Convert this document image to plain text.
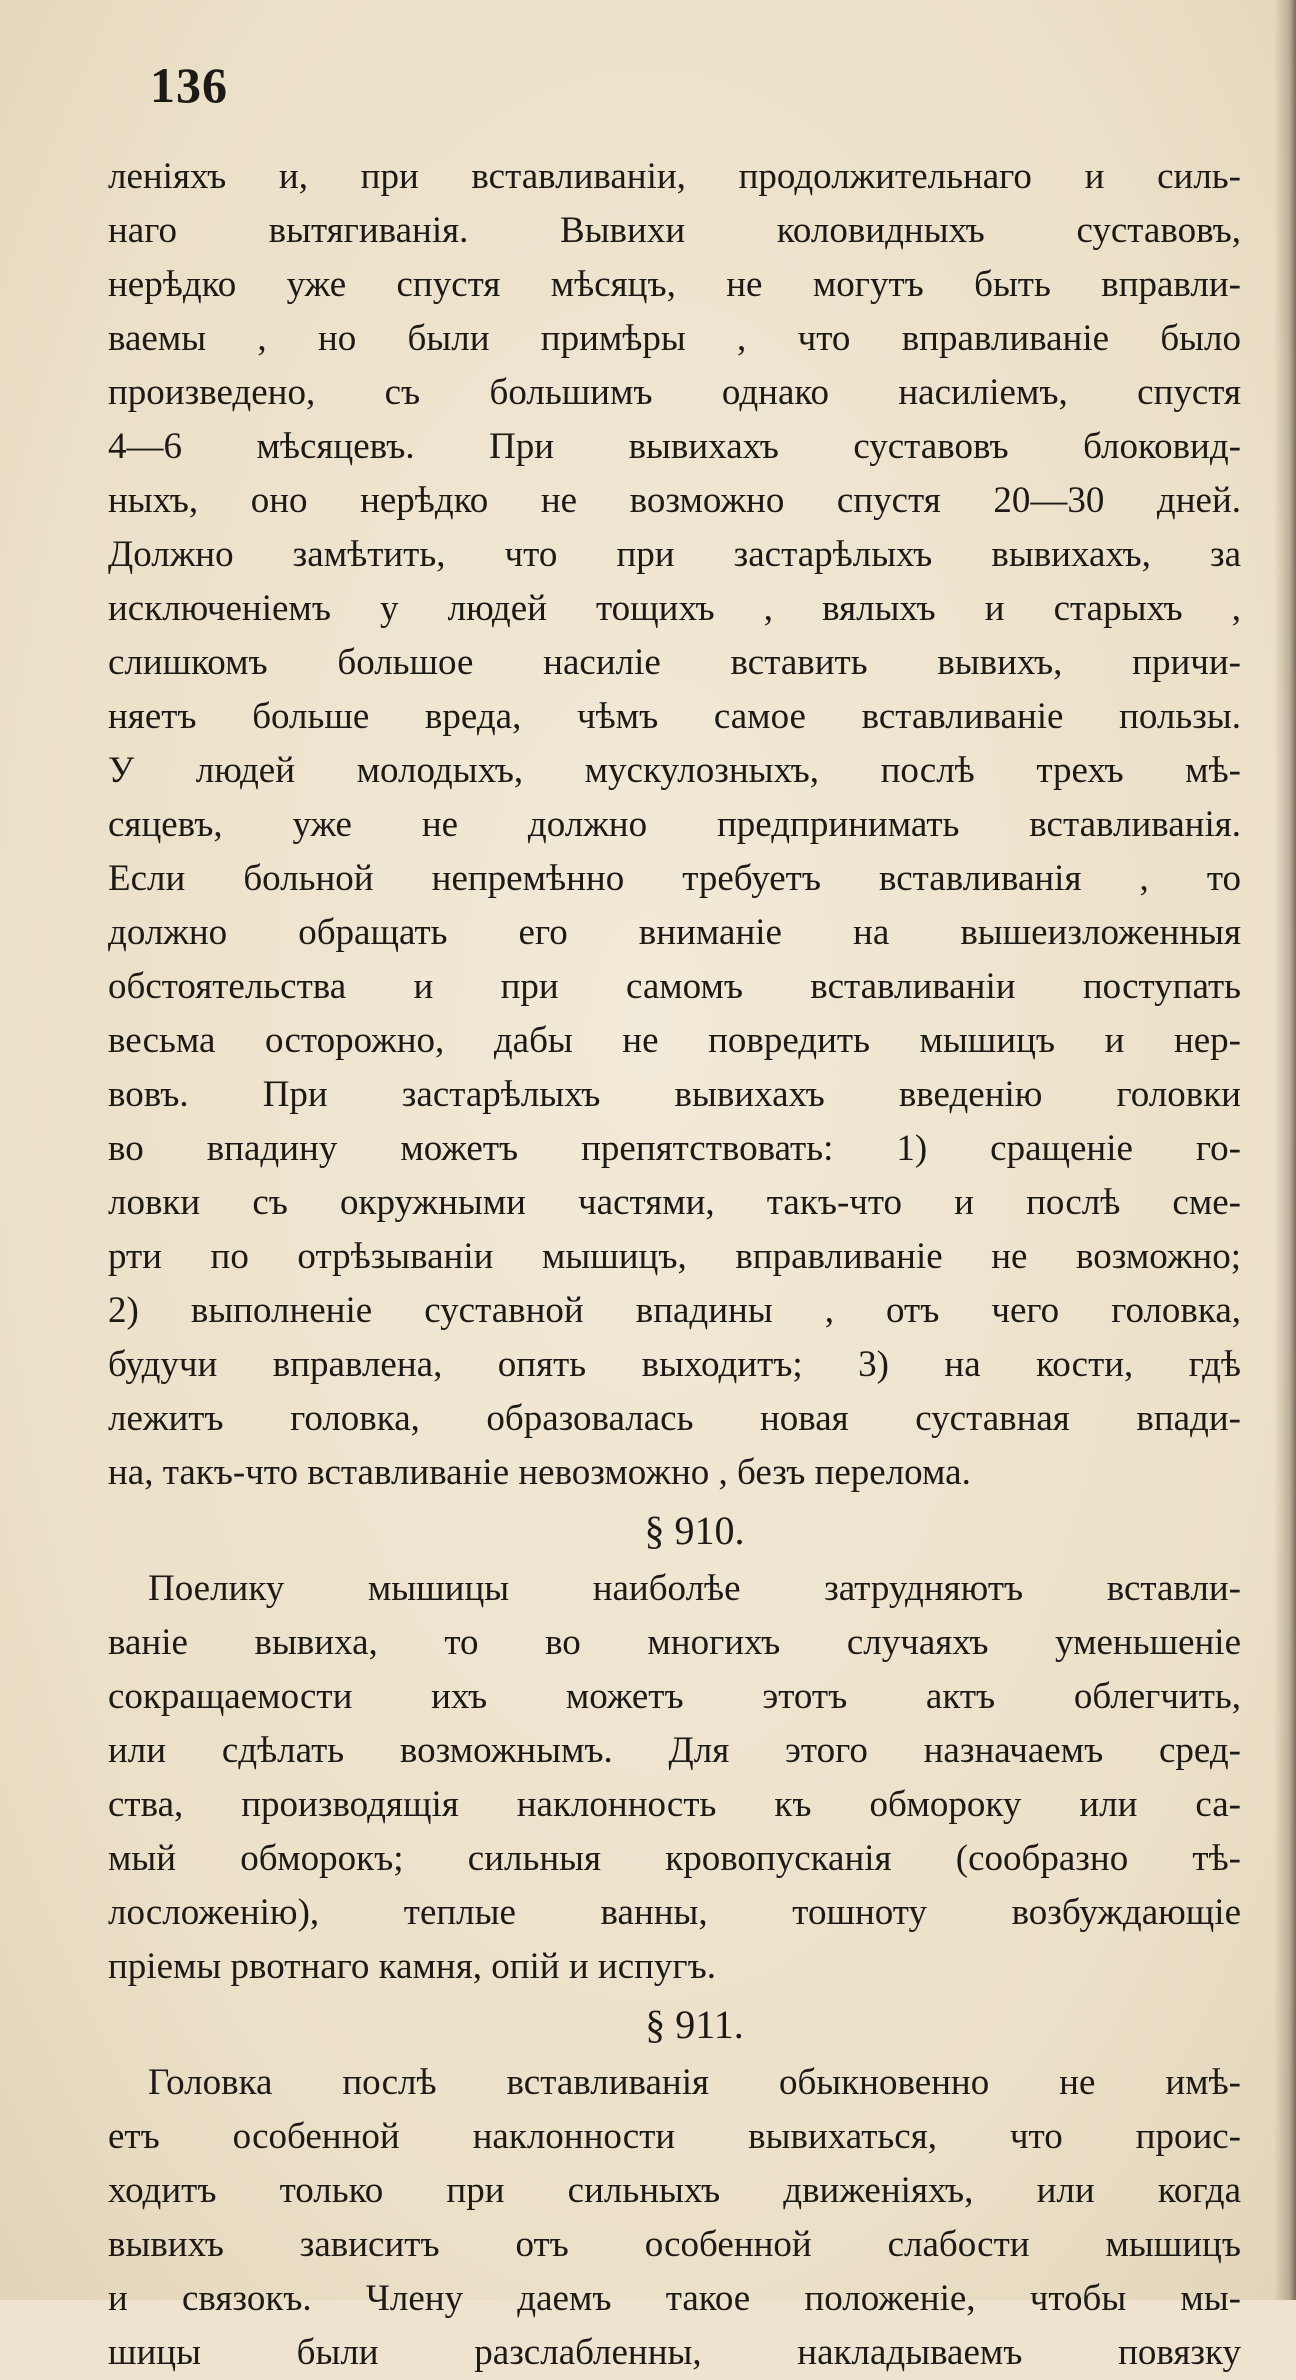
136
леніяхъ и, при вставливаніи, продолжительнаго и силь-
наго вытягиванія. Вывихи коловидныхъ суставовъ,
нерѣдко уже спустя мѣсяцъ, не могутъ быть вправли-
ваемы , но были примѣры , что вправливаніе было
произведено, съ большимъ однако насиліемъ, спустя
4—6 мѣсяцевъ. При вывихахъ суставовъ блоковид-
ныхъ, оно нерѣдко не возможно спустя 20—30 дней.
Должно замѣтить, что при застарѣлыхъ вывихахъ, за
исключеніемъ у людей тощихъ , вялыхъ и старыхъ ,
слишкомъ большое насиліе вставить вывихъ, причи-
няетъ больше вреда, чѣмъ самое вставливаніе пользы.
У людей молодыхъ, мускулозныхъ, послѣ трехъ мѣ-
сяцевъ, уже не должно предпринимать вставливанія.
Если больной непремѣнно требуетъ вставливанія , то
должно обращать его вниманіе на вышеизложенныя
обстоятельства и при самомъ вставливаніи поступать
весьма осторожно, дабы не повредить мышицъ и нер-
вовъ. При застарѣлыхъ вывихахъ введенію головки
во впадину можетъ препятствовать: 1) сращеніе го-
ловки съ окружными частями, такъ-что и послѣ сме-
рти по отрѣзываніи мышицъ, вправливаніе не возможно;
2) выполненіе суставной впадины , отъ чего головка,
будучи вправлена, опять выходитъ; 3) на кости, гдѣ
лежитъ головка, образовалась новая суставная впади-
на, такъ-что вставливаніе невозможно , безъ перелома.
§ 910.
Поелику мышицы наиболѣе затрудняютъ вставли-
ваніе вывиха, то во многихъ случаяхъ уменьшеніе
сокращаемости ихъ можетъ этотъ актъ облегчить,
или сдѣлать возможнымъ. Для этого назначаемъ сред-
ства, производящія наклонность къ обмороку или са-
мый обморокъ; сильныя кровопусканія (сообразно тѣ-
лосложенію), теплые ванны, тошноту возбуждающіе
пріемы рвотнаго камня, опій и испугъ.
§ 911.
Головка послѣ вставливанія обыкновенно не имѣ-
етъ особенной наклонности вывихаться, что проис-
ходитъ только при сильныхъ движеніяхъ, или когда
вывихъ зависитъ отъ особенной слабости мышицъ
и связокъ. Члену даемъ такое положеніе, чтобы мы-
шицы были разслабленны, накладываемъ повязку
